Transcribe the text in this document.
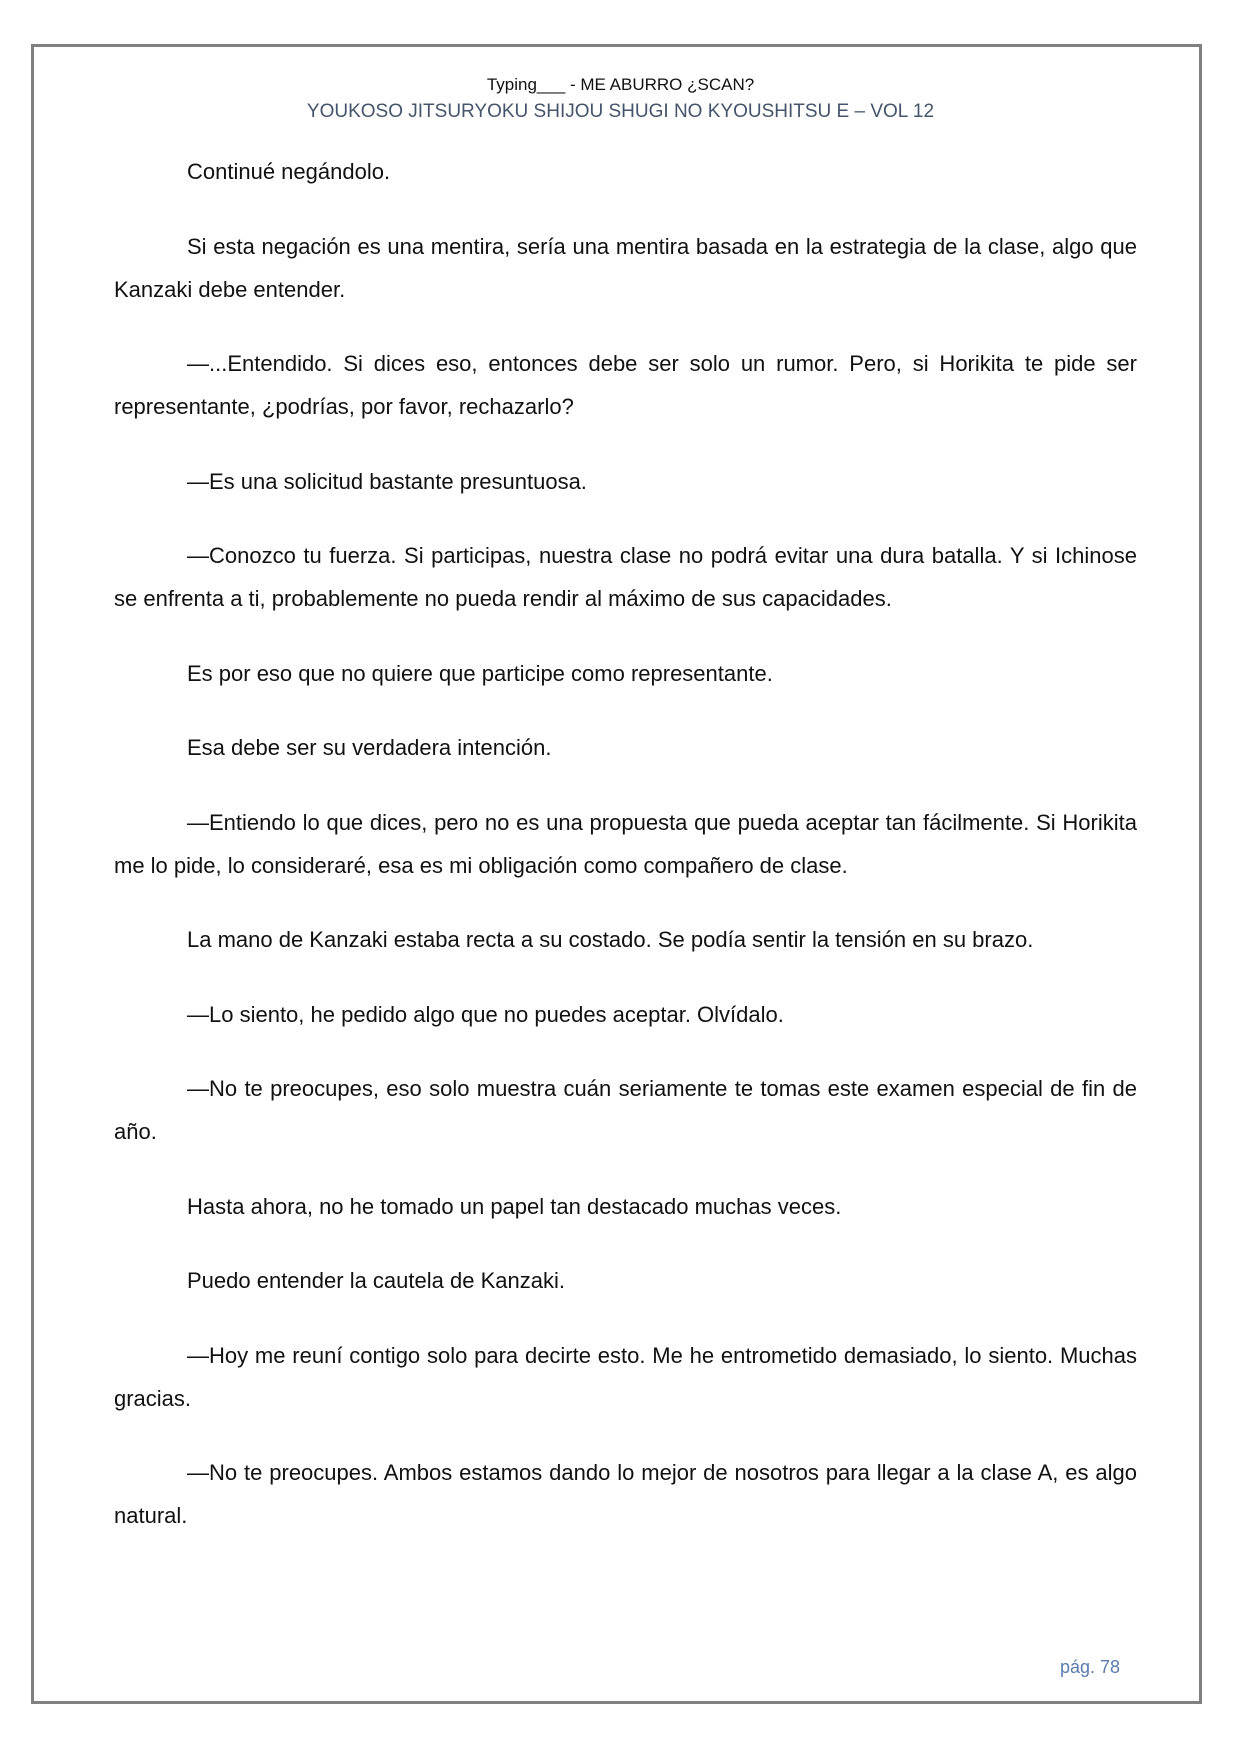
Typing___ - ME ABURRO ¿SCAN?
YOUKOSO JITSURYOKU SHIJOU SHUGI NO KYOUSHITSU E – VOL 12

Continué negándolo.

Si esta negación es una mentira, sería una mentira basada en la estrategia de la clase, algo que Kanzaki debe entender.

—...Entendido. Si dices eso, entonces debe ser solo un rumor. Pero, si Horikita te pide ser representante, ¿podrías, por favor, rechazarlo?

—Es una solicitud bastante presuntuosa.

—Conozco tu fuerza. Si participas, nuestra clase no podrá evitar una dura batalla. Y si Ichinose se enfrenta a ti, probablemente no pueda rendir al máximo de sus capacidades.

Es por eso que no quiere que participe como representante.

Esa debe ser su verdadera intención.

—Entiendo lo que dices, pero no es una propuesta que pueda aceptar tan fácilmente. Si Horikita me lo pide, lo consideraré, esa es mi obligación como compañero de clase.

La mano de Kanzaki estaba recta a su costado. Se podía sentir la tensión en su brazo.

—Lo siento, he pedido algo que no puedes aceptar. Olvídalo.

—No te preocupes, eso solo muestra cuán seriamente te tomas este examen especial de fin de año.

Hasta ahora, no he tomado un papel tan destacado muchas veces.

Puedo entender la cautela de Kanzaki.

—Hoy me reuní contigo solo para decirte esto. Me he entrometido demasiado, lo siento. Muchas gracias.

—No te preocupes. Ambos estamos dando lo mejor de nosotros para llegar a la clase A, es algo natural.

pág. 78
